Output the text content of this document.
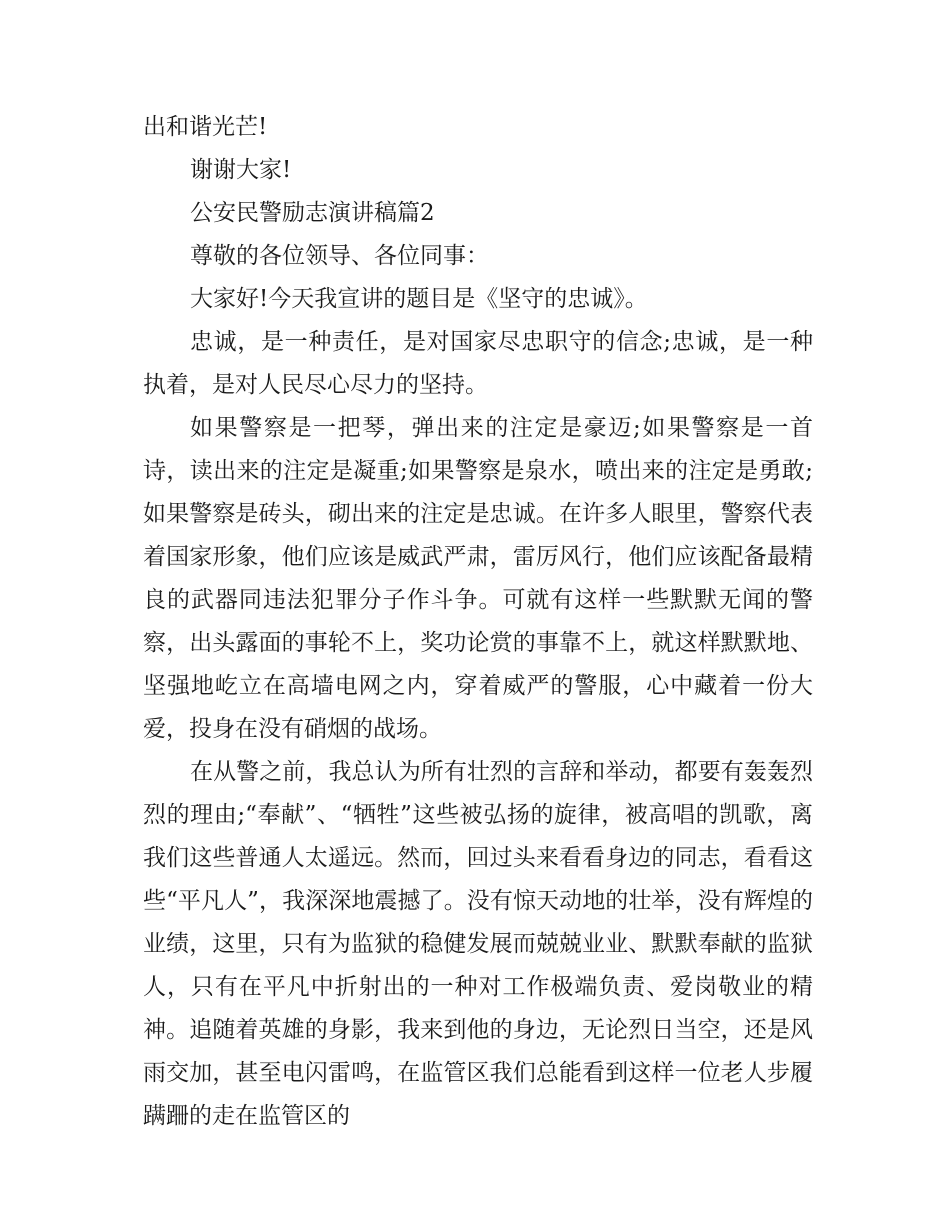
出和谐光芒!

谢谢大家!

公安民警励志演讲稿篇2

尊敬的各位领导、各位同事：

大家好!今天我宣讲的题目是《坚守的忠诚》。

忠诚，是一种责任，是对国家尽忠职守的信念;忠诚，是一种执着，是对人民尽心尽力的坚持。

如果警察是一把琴，弹出来的注定是豪迈;如果警察是一首诗，读出来的注定是凝重;如果警察是泉水，喷出来的注定是勇敢;如果警察是砖头，砌出来的注定是忠诚。在许多人眼里，警察代表着国家形象，他们应该是威武严肃，雷厉风行，他们应该配备最精良的武器同违法犯罪分子作斗争。可就有这样一些默默无闻的警察，出头露面的事轮不上，奖功论赏的事靠不上，就这样默默地、坚强地屹立在高墙电网之内，穿着威严的警服，心中藏着一份大爱，投身在没有硝烟的战场。

在从警之前，我总认为所有壮烈的言辞和举动，都要有轰轰烈烈的理由;“奉献”、“牺牲”这些被弘扬的旋律，被高唱的凯歌，离我们这些普通人太遥远。然而，回过头来看看身边的同志，看看这些“平凡人”，我深深地震撼了。没有惊天动地的壮举，没有辉煌的业绩，这里，只有为监狱的稳健发展而兢兢业业、默默奉献的监狱人，只有在平凡中折射出的一种对工作极端负责、爱岗敬业的精神。追随着英雄的身影，我来到他的身边，无论烈日当空，还是风雨交加，甚至电闪雷鸣，在监管区我们总能看到这样一位老人步履蹒跚的走在监管区的
